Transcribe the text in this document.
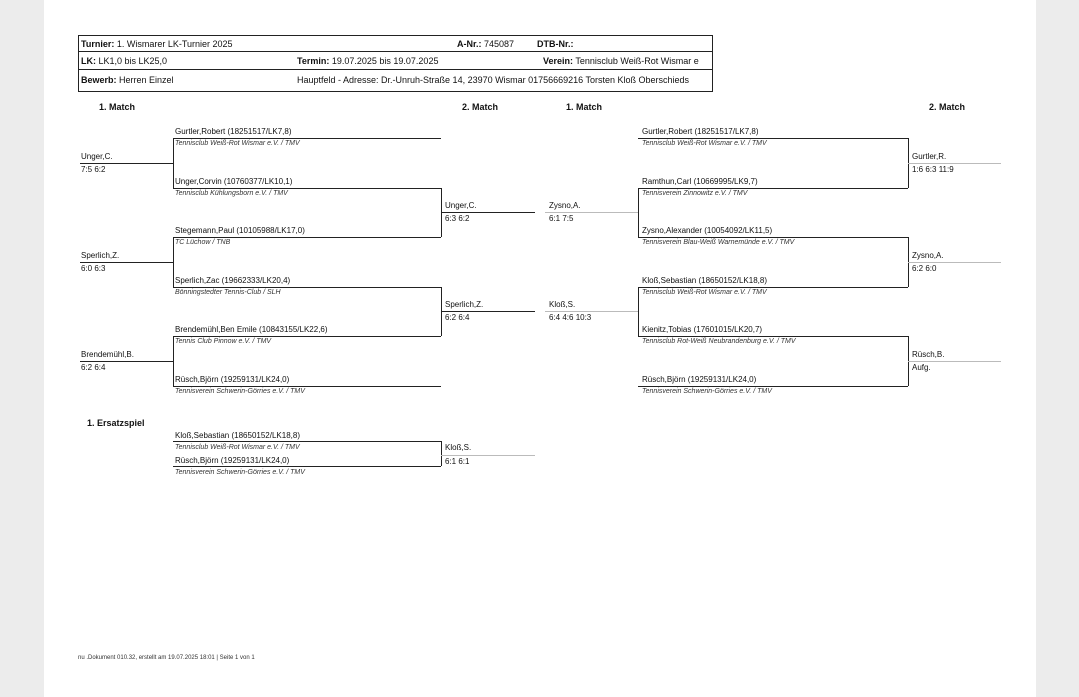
Turnier: 1. Wismarer LK-Turnier 2025	A-Nr.: 745087	DTB-Nr.:
LK: LK1,0 bis LK25,0	Termin: 19.07.2025 bis 19.07.2025	Verein: Tennisclub Weiß-Rot Wismar e
Bewerb: Herren Einzel	Hauptfeld - Adresse: Dr.-Unruh-Straße 14, 23970 Wismar 01756669216 Torsten Kloß Oberschieds
1. Match	2. Match	1. Match	2. Match
Gurtler,Robert (18251517/LK7,8)
Tennisclub Weiß-Rot Wismar e.V. / TMV
Unger,Corvin (10760377/LK10,1)
Tennisclub Kühlungsborn e.V. / TMV
Stegemann,Paul (10105988/LK17,0)
TC Lüchow / TNB
Sperlich,Zac (19662333/LK20,4)
Bönningstedter Tennis-Club / SLH
Brendemühl,Ben Emile (10843155/LK22,6)
Tennis Club Pinnow e.V. / TMV
Rüsch,Björn (19259131/LK24,0)
Tennisverein Schwerin-Görries e.V. / TMV
Unger,C.
7:5 6:2
Sperlich,Z.
6:0 6:3
Brendemühl,B.
6:2 6:4
Unger,C.
6:3 6:2
Sperlich,Z.
6:2 6:4
Gurtler,Robert (18251517/LK7,8)
Tennisclub Weiß-Rot Wismar e.V. / TMV
Ramthun,Carl (10669995/LK9,7)
Tennisverein Zinnowitz e.V. / TMV
Zysno,Alexander (10054092/LK11,5)
Tennisverein Blau-Weiß Warnemünde e.V. / TMV
Kloß,Sebastian (18650152/LK18,8)
Tennisclub Weiß-Rot Wismar e.V. / TMV
Kienitz,Tobias (17601015/LK20,7)
Tennisclub Rot-Weiß Neubrandenburg e.V. / TMV
Rüsch,Björn (19259131/LK24,0)
Tennisverein Schwerin-Görries e.V. / TMV
Gurtler,R.
1:6 6:3 11:9
Zysno,A.
6:2 6:0
Rüsch,B.
Aufg.
Zysno,A.
6:1 7:5
Kloß,S.
6:4 4:6 10:3
1. Ersatzspiel
Kloß,Sebastian (18650152/LK18,8)
Tennisclub Weiß-Rot Wismar e.V. / TMV
Rüsch,Björn (19259131/LK24,0)
Tennisverein Schwerin-Görries e.V. / TMV
Kloß,S.
6:1 6:1
nu .Dokument 010.32, erstellt am 19.07.2025 18:01 | Seite 1 von 1
